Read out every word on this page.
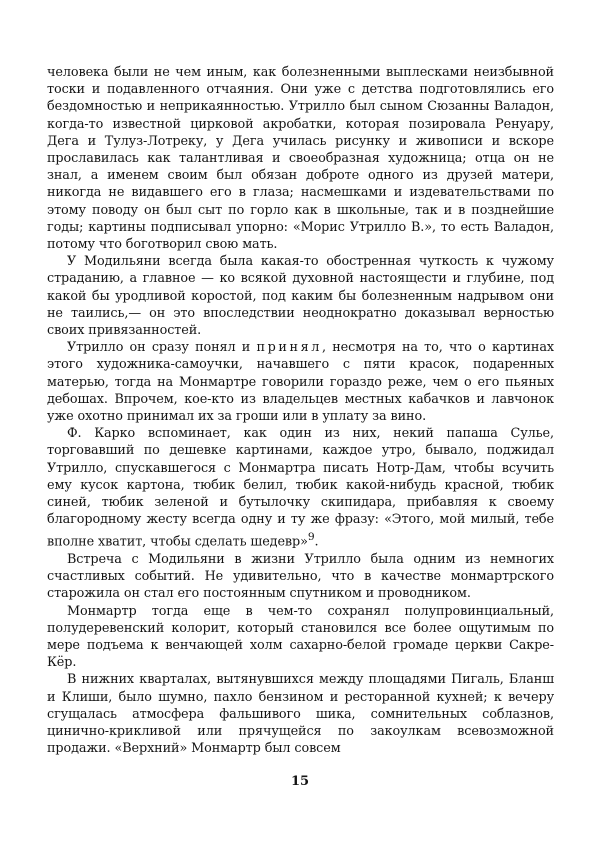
человека были не чем иным, как болезненными выплесками неизбывной тоски и подавленного отчаяния. Они уже с детства подготовлялись его бездомностью и неприкаянностью. Утрилло был сыном Сюзанны Валадон, когда-то известной цирковой акробатки, которая позировала Ренуару, Дега и Тулуз-Лотреку, у Дега училась рисунку и живописи и вскоре прославилась как талантливая и своеобразная художница; отца он не знал, а именем своим был обязан доброте одного из друзей матери, никогда не видавшего его в глаза; насмешками и издевательствами по этому поводу он был сыт по горло как в школьные, так и в позднейшие годы; картины подписывал упорно: «Морис Утрилло В.», то есть Валадон, потому что боготворил свою мать.

У Модильяни всегда была какая-то обостренная чуткость к чужому страданию, а главное — ко всякой духовной настоящести и глубине, под какой бы уродливой коростой, под каким бы болезненным надрывом они не таились,— он это впоследствии неоднократно доказывал верностью своих привязанностей.

Утрилло он сразу понял и принял, несмотря на то, что о картинах этого художника-самоучки, начавшего с пяти красок, подаренных матерью, тогда на Монмартре говорили гораздо реже, чем о его пьяных дебошах. Впрочем, кое-кто из владельцев местных кабачков и лавчонок уже охотно принимал их за гроши или в уплату за вино.

Ф. Карко вспоминает, как один из них, некий папаша Сулье, торговавший по дешевке картинами, каждое утро, бывало, поджидал Утрилло, спускавшегося с Монмартра писать Нотр-Дам, чтобы всучить ему кусок картона, тюбик белил, тюбик какой-нибудь красной, тюбик синей, тюбик зеленой и бутылочку скипидара, прибавляя к своему благородному жесту всегда одну и ту же фразу: «Этого, мой милый, тебе вполне хватит, чтобы сделать шедевр»$^9$.

Встреча с Модильяни в жизни Утрилло была одним из немногих счастливых событий. Не удивительно, что в качестве монмартрского старожила он стал его постоянным спутником и проводником.

Монмартр тогда еще в чем-то сохранял полупровинциальный, полудеревенский колорит, который становился все более ощутимым по мере подъема к венчающей холм сахарно-белой громаде церкви Сакре-Кёр.

В нижних кварталах, вытянувшихся между площадями Пигаль, Бланш и Клиши, было шумно, пахло бензином и ресторанной кухней; к вечеру сгущалась атмосфера фальшивого шика, сомнительных соблазнов, цинично-крикливой или прячущейся по закоулкам всевозможной продажи. «Верхний» Монмартр был совсем

15
